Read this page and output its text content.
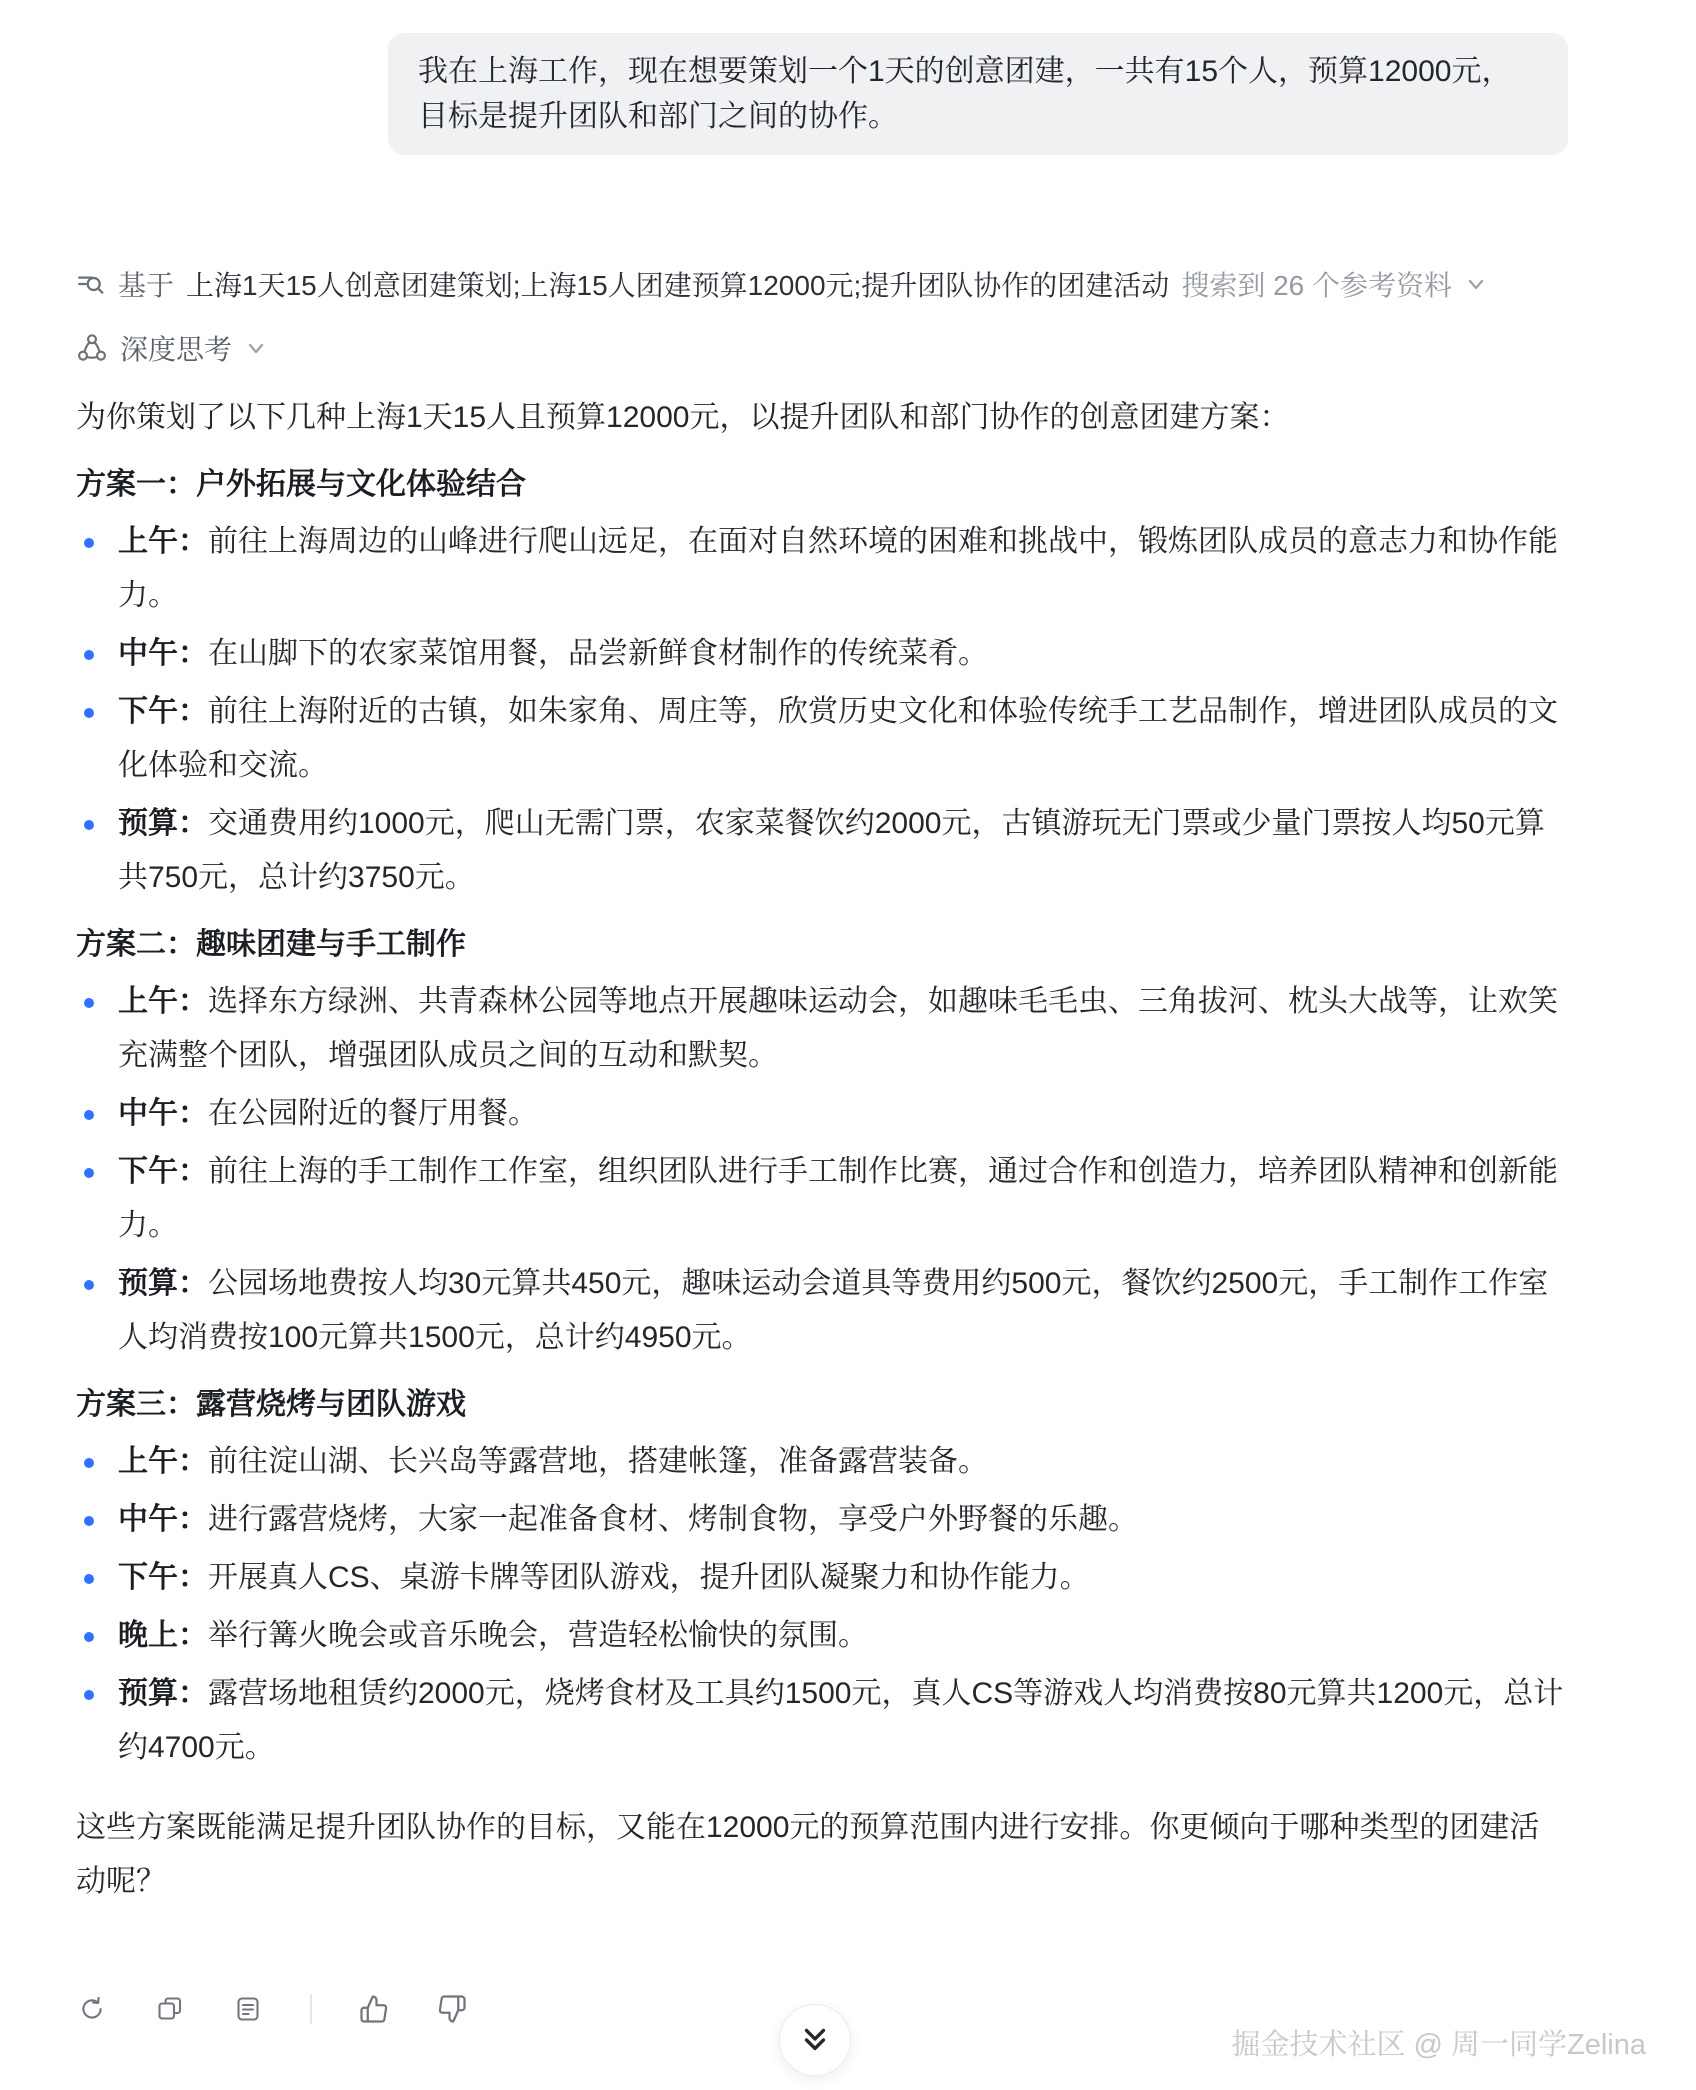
我在上海工作，现在想要策划一个1天的创意团建，一共有15个人，预算12000元，目标是提升团队和部门之间的协作。
基于 上海1天15人创意团建策划;上海15人团建预算12000元;提升团队协作的团建活动 搜索到 26 个参考资料
深度思考

为你策划了以下几种上海1天15人且预算12000元，以提升团队和部门协作的创意团建方案：

方案一：户外拓展与文化体验结合
上午：前往上海周边的山峰进行爬山远足，在面对自然环境的困难和挑战中，锻炼团队成员的意志力和协作能力。
中午：在山脚下的农家菜馆用餐，品尝新鲜食材制作的传统菜肴。
下午：前往上海附近的古镇，如朱家角、周庄等，欣赏历史文化和体验传统手工艺品制作，增进团队成员的文化体验和交流。
预算：交通费用约1000元，爬山无需门票，农家菜餐饮约2000元，古镇游玩无门票或少量门票按人均50元算共750元，总计约3750元。
方案二：趣味团建与手工制作
上午：选择东方绿洲、共青森林公园等地点开展趣味运动会，如趣味毛毛虫、三角拔河、枕头大战等，让欢笑充满整个团队，增强团队成员之间的互动和默契。
中午：在公园附近的餐厅用餐。
下午：前往上海的手工制作工作室，组织团队进行手工制作比赛，通过合作和创造力，培养团队精神和创新能力。
预算：公园场地费按人均30元算共450元，趣味运动会道具等费用约500元，餐饮约2500元，手工制作工作室人均消费按100元算共1500元，总计约4950元。
方案三：露营烧烤与团队游戏
上午：前往淀山湖、长兴岛等露营地，搭建帐篷，准备露营装备。
中午：进行露营烧烤，大家一起准备食材、烤制食物，享受户外野餐的乐趣。
下午：开展真人CS、桌游卡牌等团队游戏，提升团队凝聚力和协作能力。
晚上：举行篝火晚会或音乐晚会，营造轻松愉快的氛围。
预算：露营场地租赁约2000元，烧烤食材及工具约1500元，真人CS等游戏人均消费按80元算共1200元，总计约4700元。

这些方案既能满足提升团队协作的目标，又能在12000元的预算范围内进行安排。你更倾向于哪种类型的团建活动呢？

掘金技术社区 @ 周一同学Zelina
